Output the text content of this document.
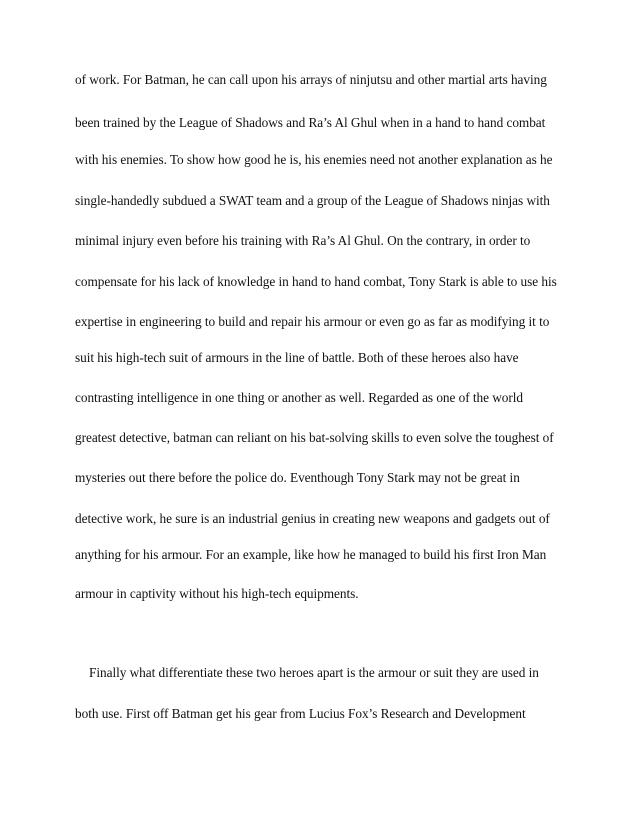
of work. For Batman, he can call upon his arrays of ninjutsu and other martial arts having
been trained by the League of Shadows and Ra’s Al Ghul when in a hand to hand combat
with his enemies. To show how good he is, his enemies need not another explanation as he
single-handedly subdued a SWAT team and a group of the League of Shadows ninjas with
minimal injury even before his training with Ra’s Al Ghul. On the contrary, in order to
compensate for his lack of knowledge in hand to hand combat, Tony Stark is able to use his
expertise in engineering to build and repair his armour or even go as far as modifying it to
suit his high-tech suit of armours in the line of battle. Both of these heroes also have
contrasting intelligence in one thing or another as well. Regarded as one of the world
greatest detective, batman can reliant on his bat-solving skills to even solve the toughest of
mysteries out there before the police do. Eventhough Tony Stark may not be great in
detective work, he sure is an industrial genius in creating new weapons and gadgets out of
anything for his armour. For an example, like how he managed to build his first Iron Man
armour in captivity without his high-tech equipments.
Finally what differentiate these two heroes apart is the armour or suit they are used in
both use. First off Batman get his gear from Lucius Fox’s Research and Development
